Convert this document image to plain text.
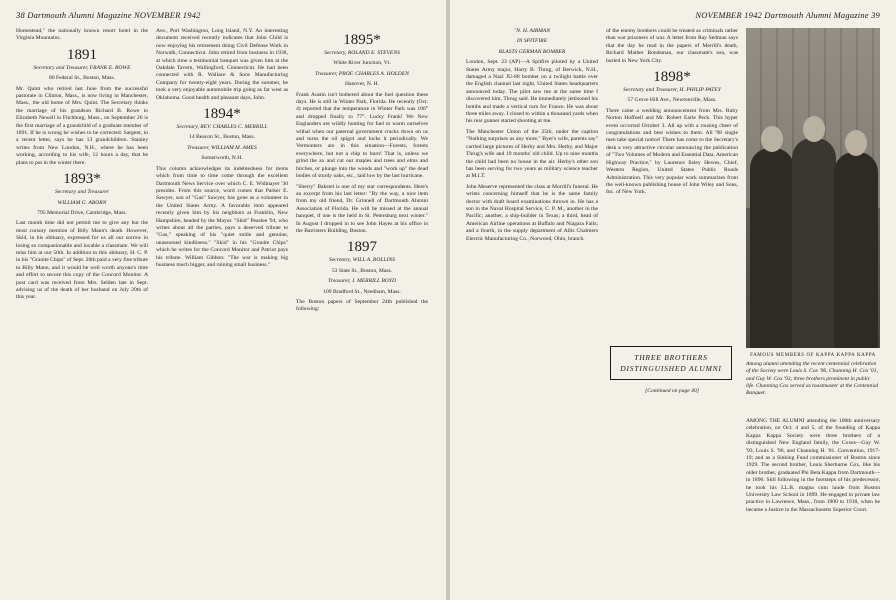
38 Dartmouth Alumni Magazine NOVEMBER 1942

Homestead," the nationally known resort hotel in the Virginia Mountains.

1891

Secretary and Treasurer, FRANK E. ROWE

80 Federal St., Boston, Mass.

Mr. Quint who retired last June from the successful pastorate in Clinton, Mass., is now living in Manchester, Mass., the old home of Mrs. Quint. The Secretary thinks the marriage of his grandson Richard B. Rowe to Elizabeth Newell in Fitchburg, Mass., on September 26 is the first marriage of a grandchild of a graduate member of 1891. If he is wrong he wishes to be corrected. Sargent, in a recent letter, says he has 13 grandchildren. Stanley writes from New London, N.H., where he has been working, according to his wife, 12 hours a day, that he plans to put in the winter there.

1893*

Secretary and Treasurer

WILLIAM G. ABORN

795 Memorial Drive, Cambridge, Mass.

Last month time did not permit me to give any but the most cursory mention of Billy Mann's death. However, Skid, in his obituary, expressed for us all our sorrow in losing so companionable and lovable a classmate. We will miss him at our 50th. In addition to this obituary, H. C. P. in his "Granite Chips" of Sept. 20th paid a very fine tribute to Billy Mann, and it would be well worth anyone's time and effort to secure this copy of the Concord Monitor. A post card was received from Mrs. Selden late in Sept. advising us of the death of her husband on July 20th of this year.

Ave., Port Washington, Long Island, N.Y. An interesting document received recently indicates that John Child is now enjoying his retirement doing Civil Defense Work in Norwalk, Connecticut. John retired from business in 1938, at which time a testimonial banquet was given him at the Oakdale Tavern, Wallingford, Connecticut. He had been connected with R. Wallace & Sons Manufacturing Company for twenty-eight years. During the summer, he took a very enjoyable automobile trip going as far west as Oklahoma. Good health and pleasant days, John.

1894*

Secretary, REV. CHARLES C. MERRILL

14 Beacon St., Boston, Mass.

Treasurer, WILLIAM M. AMES

Somerworth, N.H.

This column acknowledges its indebtedness for items which from time to time come through the excellent Dartmouth News Service over which C. E. Widmayer '30 presides. From this source, word comes that Parker E. Sawyer, son of "Gus" Sawyer, has gone as a volunteer in the United States Army. A favorable item appeared recently given him by his neighbors at Franklin, New Hampshire, headed by the Mayor. "Skid" Peaslee '94, who writes about all the parties, pays a deserved tribute to "Gus," speaking of his "quiet smile and genuine, unassumed kindliness." "Skid" in his "Granite Chips" which he writes for the Concord Monitor and Patriot pays his tribute. William Gibbon: "The war is making big business much bigger, and ruining small business."

1895*

Secretary, ROLAND E. STEVENS

White River Junction, Vt.

Treasurer, PROF. CHARLES A. HOLDEN

Hanover, N. H.

Frank Austin isn't bothered about the fuel question these days. He is still in Winter Park, Florida. He recently (Oct. 4) reported that the temperature in Winter Park was 106° and dropped finally to 77°. Lucky Frank! We New Englanders are wildly hunting for fuel to warm ourselves withal when our paternal government cracks down on us and turns the oil spigot and locks it periodically. We Vermonters are in this situation—Forests, forests everywhere, but not a chip to burn! That is, unless we grind the ax and cut our maples and trees and elms and birches, or plunge into the woods and "work up" the dead bodies of sturdy oaks, etc., laid low by the last hurricane.

"Sherry" Bakstel is one of my star correspondents. Here's an excerpt from his last letter: "By the way, a nice item from my old friend, Dr. Grinnell of Dartmouth Alumni Association of Florida. He will be missed at the annual banquet, if one is the held in St. Petersburg next winter." In August I dropped in to see John Hayes at his office in the Barristers Building, Boston.

1897

Secretary, WILL A. ROLLINS

53 State St., Boston, Mass.

Treasurer, J. MERRILL BOYD

109 Bradford St., Needham, Mass.

The Boston papers of September 24th published the following:

NOVEMBER 1942 Dartmouth Alumni Magazine 39

"N. H. AIRMAN

IN SPITFIRE

BLASTS GERMAN BOMBER

London, Sept. 23 (AP)—A Spitfire piloted by a United States Army major, Harry B. Thrug, of Berwick, N.H., damaged a Nazi JU-88 bomber on a twilight battle over the English channel last night, United States headquarters announced today. The pilot saw me at the same time I discovered him, Thrug said. He immediately jettisoned his bombs and made a vertical turn for France. He was about three miles away. I closed to within a thousand yards when his rear gunner started shooting at me.

The Manchester Union of the 25th, under the caption "Nothing surprises us any more," Byer's wife, parents say" carried large pictures of Herby and Mrs. Herby, and Major Thrug's wife and 19 months' old child. Up to nine months the child had been no house in the air. Herby's other son has been serving for two years as military science teacher at M.I.T.

John Meserve represented the class at Morrill's funeral. He writes concerning himself that he is the same family doctor with draft board examinations thrown in. He has a son in the Naval Hospital Service, C. P. M., another in the Pacific; another, a ship-builder in Texas; a third, head of American Airline operations at Buffalo and Niagara Falls; and a fourth, in the supply department of Allis Chalmers Electric Manufacturing Co., Norwood, Ohio, branch.

of the enemy bombers could be treated as criminals rather than war prisoners of war. A letter from Ray Sedman says that the day he read in the papers of Merrill's death, Richard Mather Bondsman, our classmate's son, was buried in New York City.

1898*

Secretary and Treasurer, H. PHILIP PATEY

57 Grove Hill Ave., Newtonville, Mass.

There came a wedding announcement from Mrs. Ruby Norton Hoffnell and Mr. Robert Earle Peck. This hyper event occurred October 3. All up with a rousing cheer of congratulations and best wishes to them. All '98 single men take special notice! There has come to the Secretary's desk a very attractive circular announcing the publication of "Two Volumes of Modern and Essential Data. American Highway Practice," by Laurence Ilsley Hewes, Chief, Western Region, United States Public Roads Administration. This very popular work summarizes from the well-known publishing house of John Wiley and Sons, Inc. of New York.

THREE BROTHERS DISTINGUISHED ALUMNI

[Continued on page 40]

FAMOUS MEMBERS OF KAPPA KAPPA KAPPA
Among alumni attending the recent centennial celebration of the Society were Louis S. Cox '96, Channing H. Cox '01, and Guy W. Cox '93, three brothers prominent in public life. Channing Cox served as toastmaster at the Centennial Banquet.

AMONG THE ALUMNI attending the 100th anniversary celebration, on Oct. 4 and 5, of the founding of Kappa Kappa Kappa Society were three brothers of a distinguished New England family, the Coxes—Guy W. '93, Louis S. '96, and Channing H. '01. Convention, 1917-19; and as a Sinking Fund commissioner of Boston since 1929. The second brother, Louis Sherburne Cox, like his older brother, graduated Phi Beta Kappa from Dartmouth—in 1896. Still following in the footsteps of his predecessor, he took his LL.B. magna cum laude from Boston University Law School in 1899. He engaged in private law practice in Lawrence, Mass., from 1900 to 1918, when he became a Justice in the Massachusetts Superior Court.
